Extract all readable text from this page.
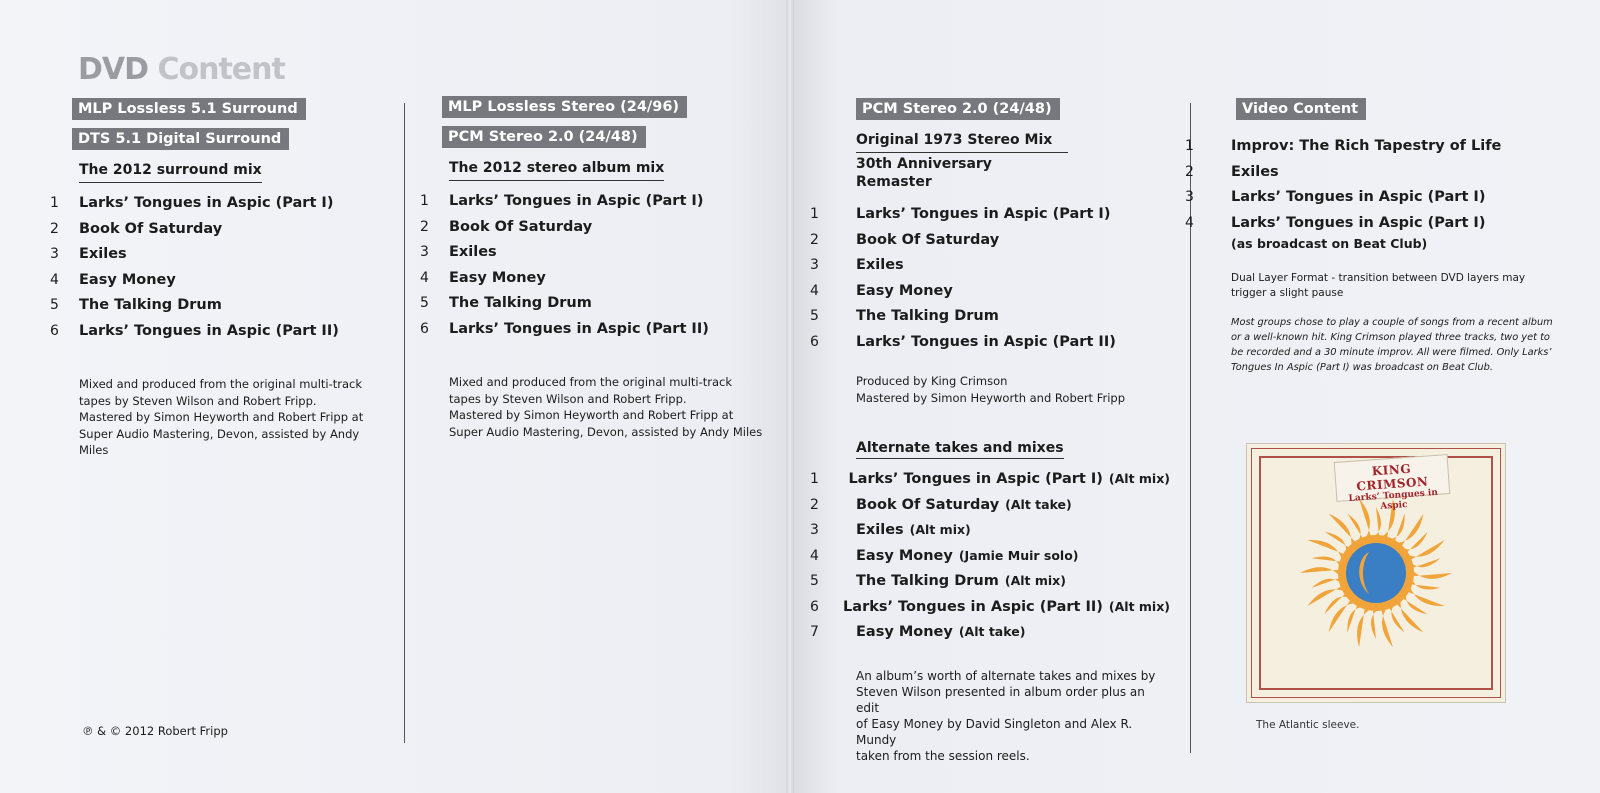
DVD Content
MLP Lossless 5.1 Surround
DTS 5.1 Digital Surround
The 2012 surround mix
1	Larks’ Tongues in Aspic (Part I)
2	Book Of Saturday
3	Exiles
4	Easy Money
5	The Talking Drum
6	Larks’ Tongues in Aspic (Part II)

Mixed and produced from the original multi-track

tapes by Steven Wilson and Robert Fripp.

Mastered by Simon Heyworth and Robert Fripp at

Super Audio Mastering, Devon, assisted by Andy Miles

MLP Lossless Stereo (24/96)
PCM Stereo 2.0 (24/48)
The 2012 stereo album mix
1	Larks’ Tongues in Aspic (Part I)
2	Book Of Saturday
3	Exiles
4	Easy Money
5	The Talking Drum
6	Larks’ Tongues in Aspic (Part II)

Mixed and produced from the original multi-track

tapes by Steven Wilson and Robert Fripp.

Mastered by Simon Heyworth and Robert Fripp at

Super Audio Mastering, Devon, assisted by Andy Miles

PCM Stereo 2.0 (24/48)
Original 1973 Stereo Mix
30th Anniversary Remaster
1	Larks’ Tongues in Aspic (Part I)
2	Book Of Saturday
3	Exiles
4	Easy Money
5	The Talking Drum
6	Larks’ Tongues in Aspic (Part II)

Produced by King Crimson

Mastered by Simon Heyworth and Robert Fripp

Alternate takes and mixes
1	Larks’ Tongues in Aspic (Part I) (Alt mix)
2	Book Of Saturday (Alt take)
3	Exiles (Alt mix)
4	Easy Money (Jamie Muir solo)
5	The Talking Drum (Alt mix)
6	Larks’ Tongues in Aspic (Part II) (Alt mix)
7	Easy Money (Alt take)
An album’s worth of alternate takes and mixes by
Steven Wilson presented in album order plus an edit
of Easy Money by David Singleton and Alex R. Mundy
taken from the session reels.
Video Content
1	Improv: The Rich Tapestry of Life
2	Exiles
3	Larks’ Tongues in Aspic (Part I)
4	Larks’ Tongues in Aspic (Part I)
(as broadcast on Beat Club)
Dual Layer Format - transition between DVD layers may trigger a slight pause
Most groups chose to play a couple of songs from a recent album or a well-known hit. King Crimson played three tracks, two yet to be recorded and a 30 minute improv. All were filmed. Only Larks’ Tongues In Aspic (Part I) was broadcast on Beat Club.
KING CRIMSON
Larks’ Tongues in Aspic
The Atlantic sleeve.
℗ & © 2012 Robert Fripp
